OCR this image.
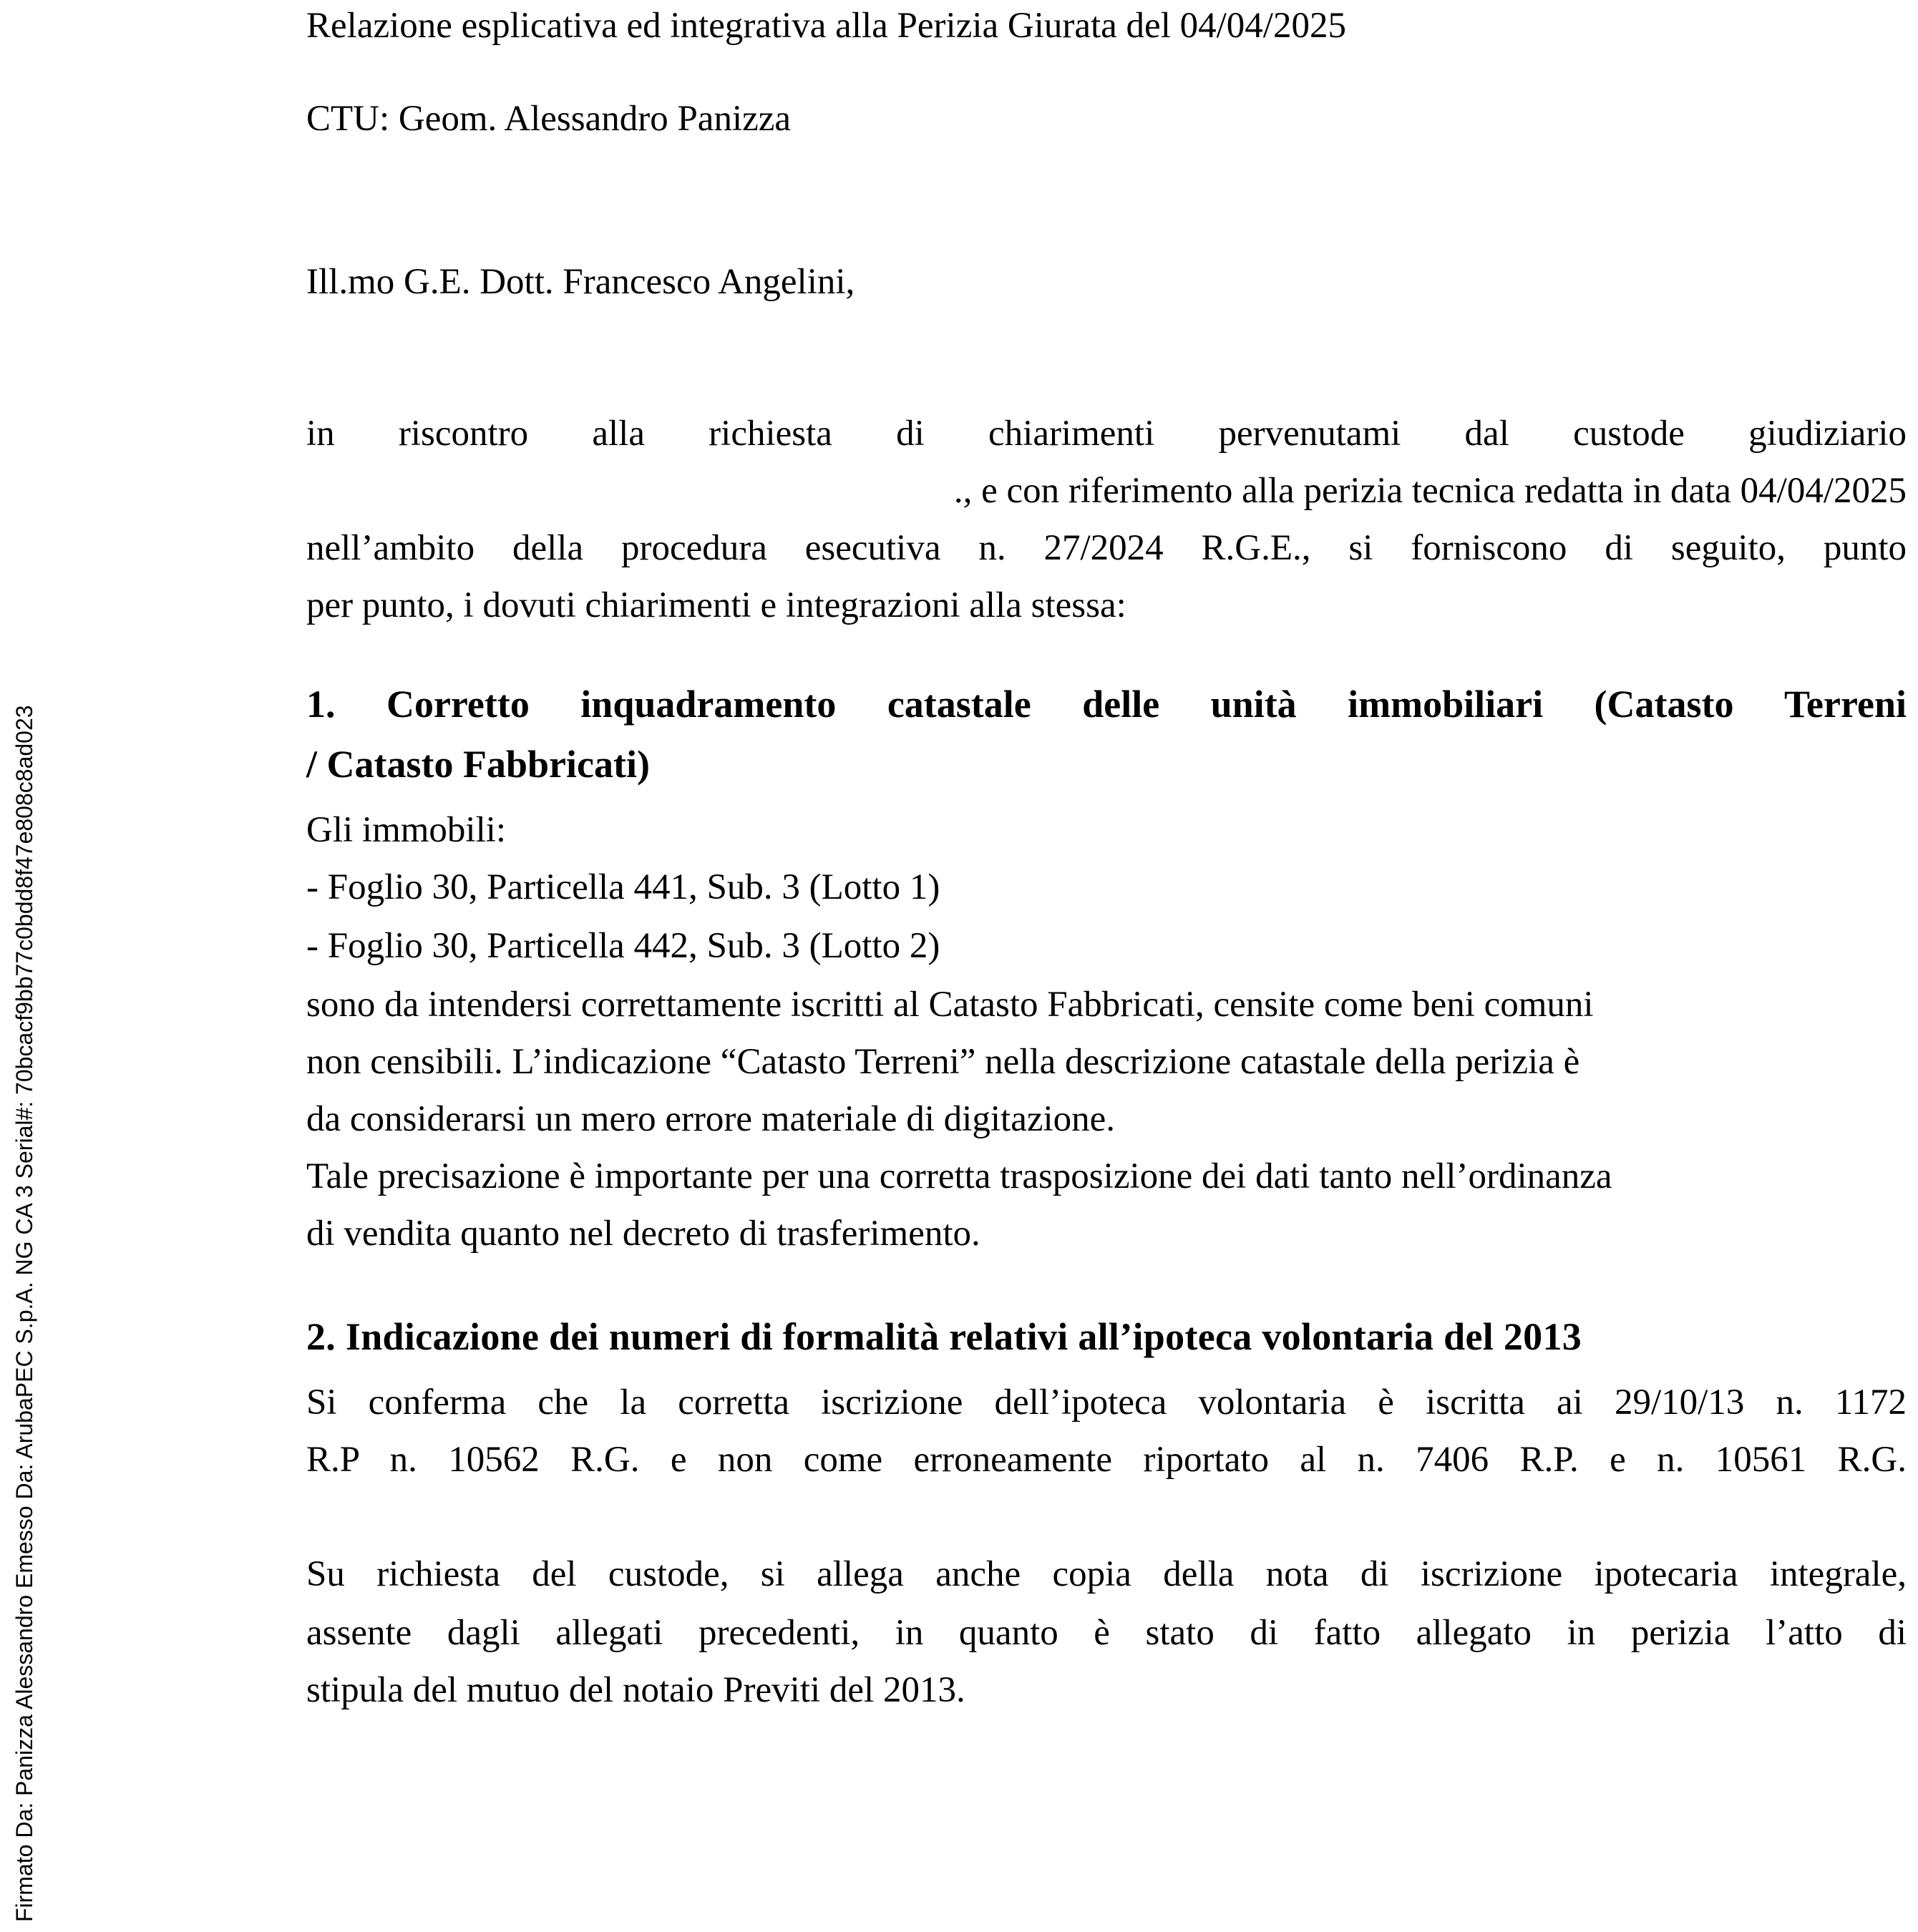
Firmato Da: Panizza Alessandro Emesso Da: ArubaPEC S.p.A. NG CA 3 Serial#: 70bcacf9bb77c0bdd8f47e808c8ad023
Relazione esplicativa ed integrativa alla Perizia Giurata del 04/04/2025
CTU: Geom. Alessandro Panizza
Ill.mo G.E. Dott. Francesco Angelini,
in riscontro alla richiesta di chiarimenti pervenutami dal custode giudiziario
., e con riferimento alla perizia tecnica redatta in data 04/04/2025
nell’ambito della procedura esecutiva n. 27/2024 R.G.E., si forniscono di seguito, punto
per punto, i dovuti chiarimenti e integrazioni alla stessa:
1. Corretto inquadramento catastale delle unità immobiliari (Catasto Terreni
/ Catasto Fabbricati)
Gli immobili:
- Foglio 30, Particella 441, Sub. 3 (Lotto 1)
- Foglio 30, Particella 442, Sub. 3 (Lotto 2)
sono da intendersi correttamente iscritti al Catasto Fabbricati, censite come beni comuni
non censibili. L’indicazione “Catasto Terreni” nella descrizione catastale della perizia è
da considerarsi un mero errore materiale di digitazione.
Tale precisazione è importante per una corretta trasposizione dei dati tanto nell’ordinanza
di vendita quanto nel decreto di trasferimento.
2. Indicazione dei numeri di formalità relativi all’ipoteca volontaria del 2013
Si conferma che la corretta iscrizione dell’ipoteca volontaria è iscritta ai 29/10/13 n. 1172
R.P n. 10562 R.G. e non come erroneamente riportato al n. 7406 R.P. e n. 10561 R.G.
Su richiesta del custode, si allega anche copia della nota di iscrizione ipotecaria integrale,
assente dagli allegati precedenti, in quanto è stato di fatto allegato in perizia l’atto di
stipula del mutuo del notaio Previti del 2013.
